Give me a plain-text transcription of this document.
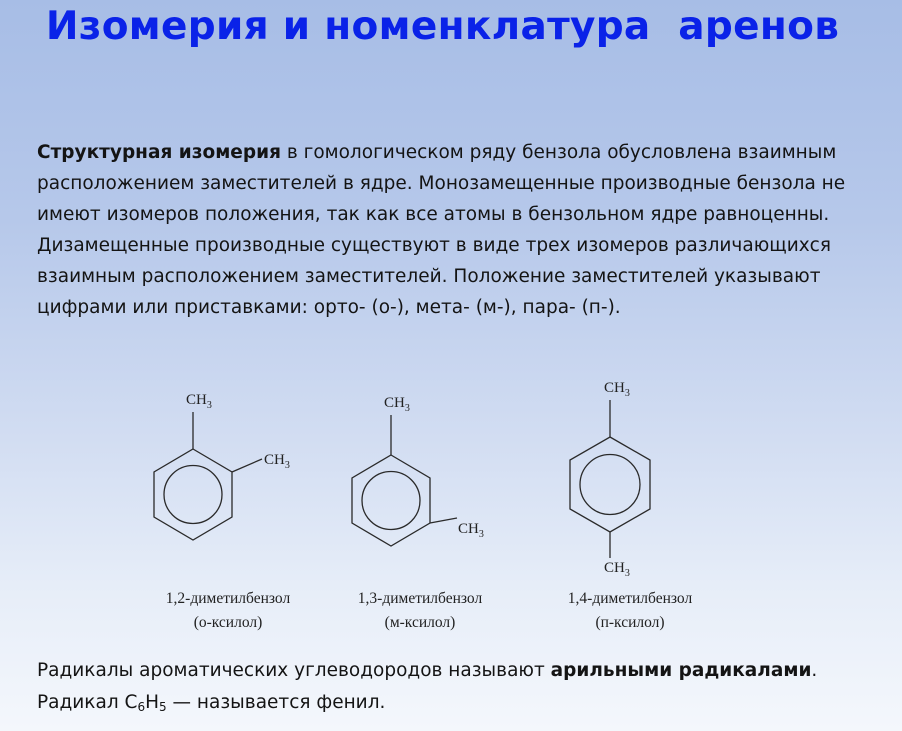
Изомерия и номенклатура  аренов
Структурная изомерия в гомологическом ряду бензола обусловлена взаимным расположением заместителей в ядре. Монозамещенные производные бензола не имеют изомеров положения, так как все атомы в бензольном ядре равноценны. Дизамещенные производные существуют в виде трех изомеров различающихся взаимным расположением заместителей. Положение заместителей указывают цифрами или приставками: орто- (о-), мета- (м-), пара- (п-).
$CH_3$
$CH_3$
1,2-диметилбензол
(о-ксилол)
$CH_3$
$CH_3$
1,3-диметилбензол
(м-ксилол)
$CH_3$
$CH_3$
1,4-диметилбензол
(п-ксилол)
Радикалы ароматических углеводородов называют арильными радикалами.
Радикал $C_6H_5$ — называется фенил.
